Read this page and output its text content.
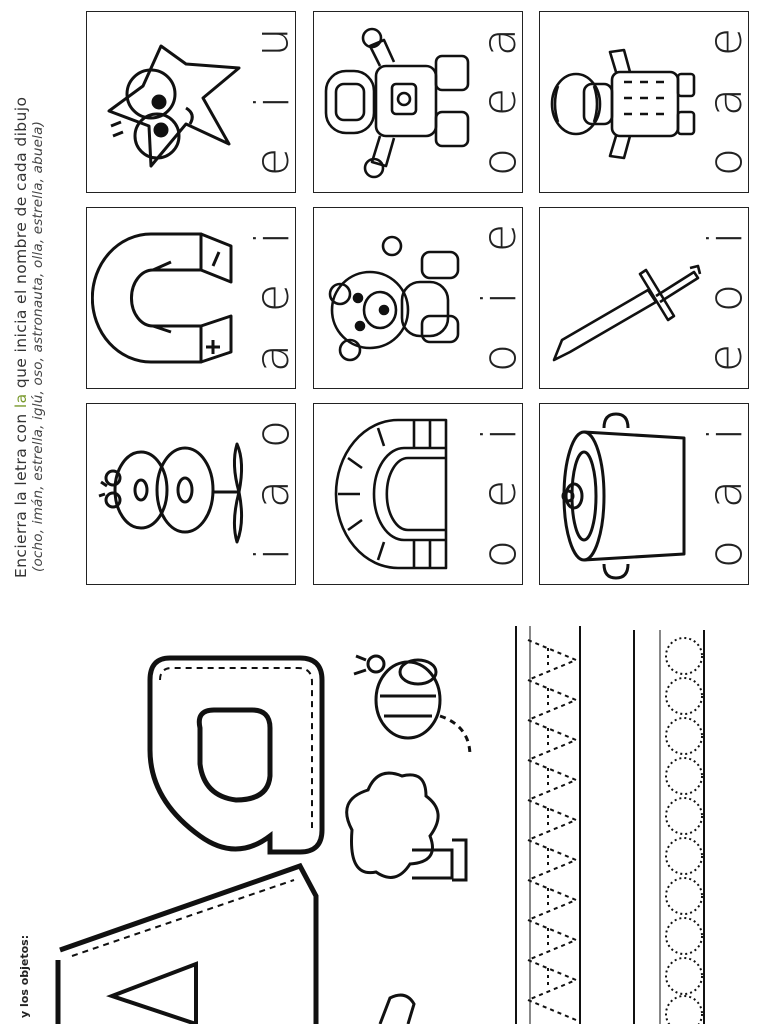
Encierra la letra con la que inicia el nombre de cada dibujo (ocho, imán, estrella, iglú, oso, astronauta, olla, estrella, abuela)	e
i
u
o
e
a
o
a
e
a
e
i
o
i
e
e
o
i
i
a
o
o
e
i
o
a
i
y los objetos:
